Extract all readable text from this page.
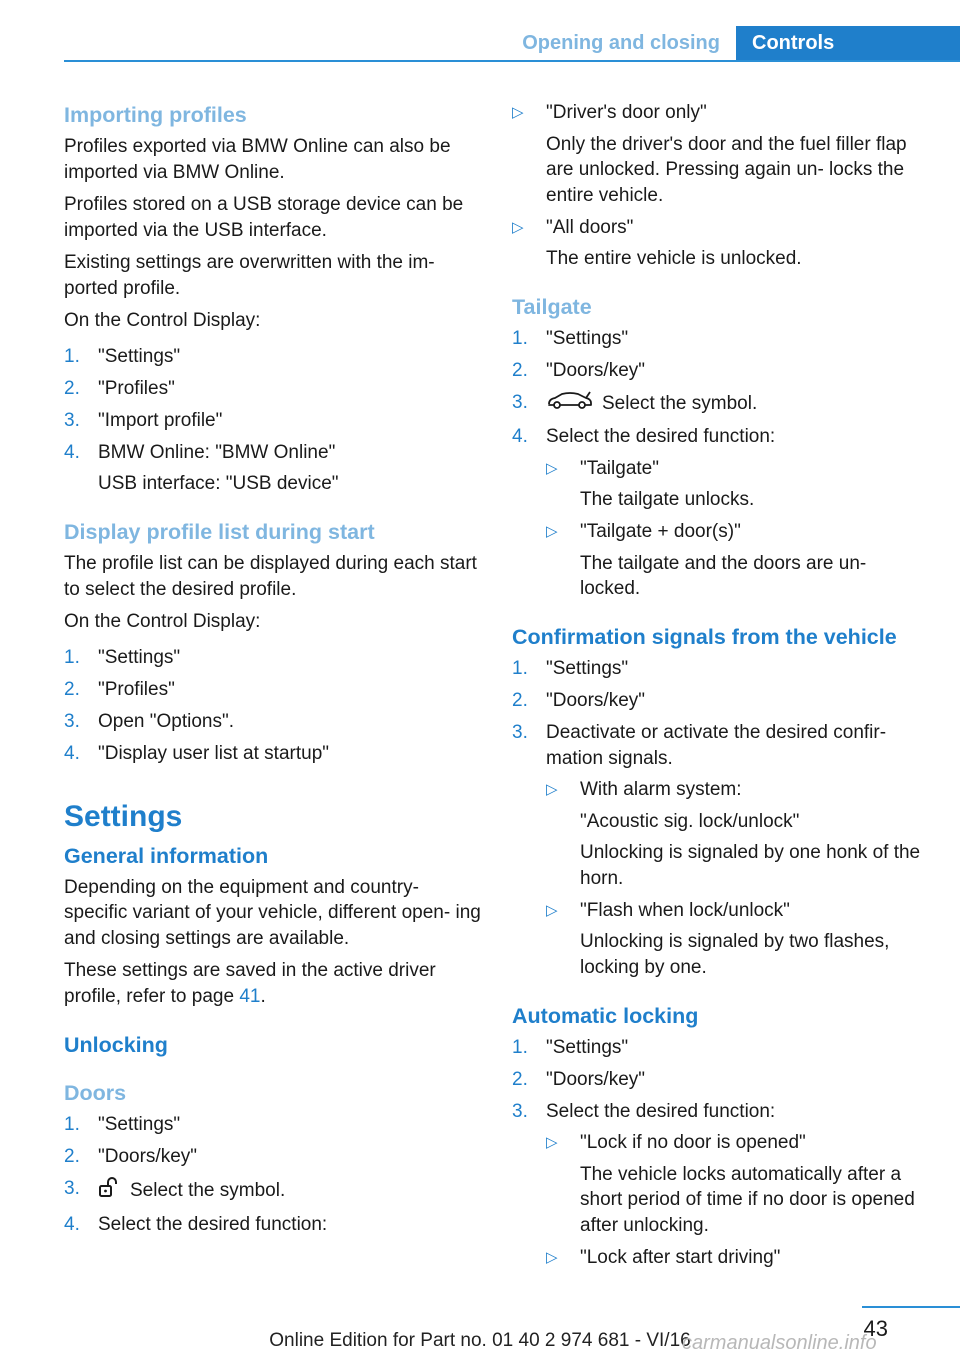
Opening and closing	Controls
Importing profiles
Profiles exported via BMW Online can also be imported via BMW Online.
Profiles stored on a USB storage device can be imported via the USB interface.
Existing settings are overwritten with the im- ported profile.
On the Control Display:
1. "Settings"
2. "Profiles"
3. "Import profile"
4. BMW Online: "BMW Online"
USB interface: "USB device"
Display profile list during start
The profile list can be displayed during each start to select the desired profile.
On the Control Display:
1. "Settings"
2. "Profiles"
3. Open "Options".
4. "Display user list at startup"
Settings
General information
Depending on the equipment and country- specific variant of your vehicle, different open- ing and closing settings are available.
These settings are saved in the active driver profile, refer to page 41.
Unlocking
Doors
1. "Settings"
2. "Doors/key"
3.	Select the symbol.
4. Select the desired function:
▷ "Driver's door only"
Only the driver's door and the fuel filler flap are unlocked. Pressing again un- locks the entire vehicle.
▷ "All doors"
The entire vehicle is unlocked.
Tailgate
1. "Settings"
2. "Doors/key"
3.	Select the symbol.
4. Select the desired function:
▷ "Tailgate"
The tailgate unlocks.
▷ "Tailgate + door(s)"
The tailgate and the doors are un- locked.
Confirmation signals from the vehicle
1. "Settings"
2. "Doors/key"
3. Deactivate or activate the desired confir- mation signals.
▷ With alarm system:
"Acoustic sig. lock/unlock"
Unlocking is signaled by one honk of the horn.
▷ "Flash when lock/unlock"
Unlocking is signaled by two flashes, locking by one.
Automatic locking
1. "Settings"
2. "Doors/key"
3. Select the desired function:
▷ "Lock if no door is opened"
The vehicle locks automatically after a short period of time if no door is opened after unlocking.
▷ "Lock after start driving"
43
Online Edition for Part no. 01 40 2 974 681 - VI/16
carmanualsonline.info
